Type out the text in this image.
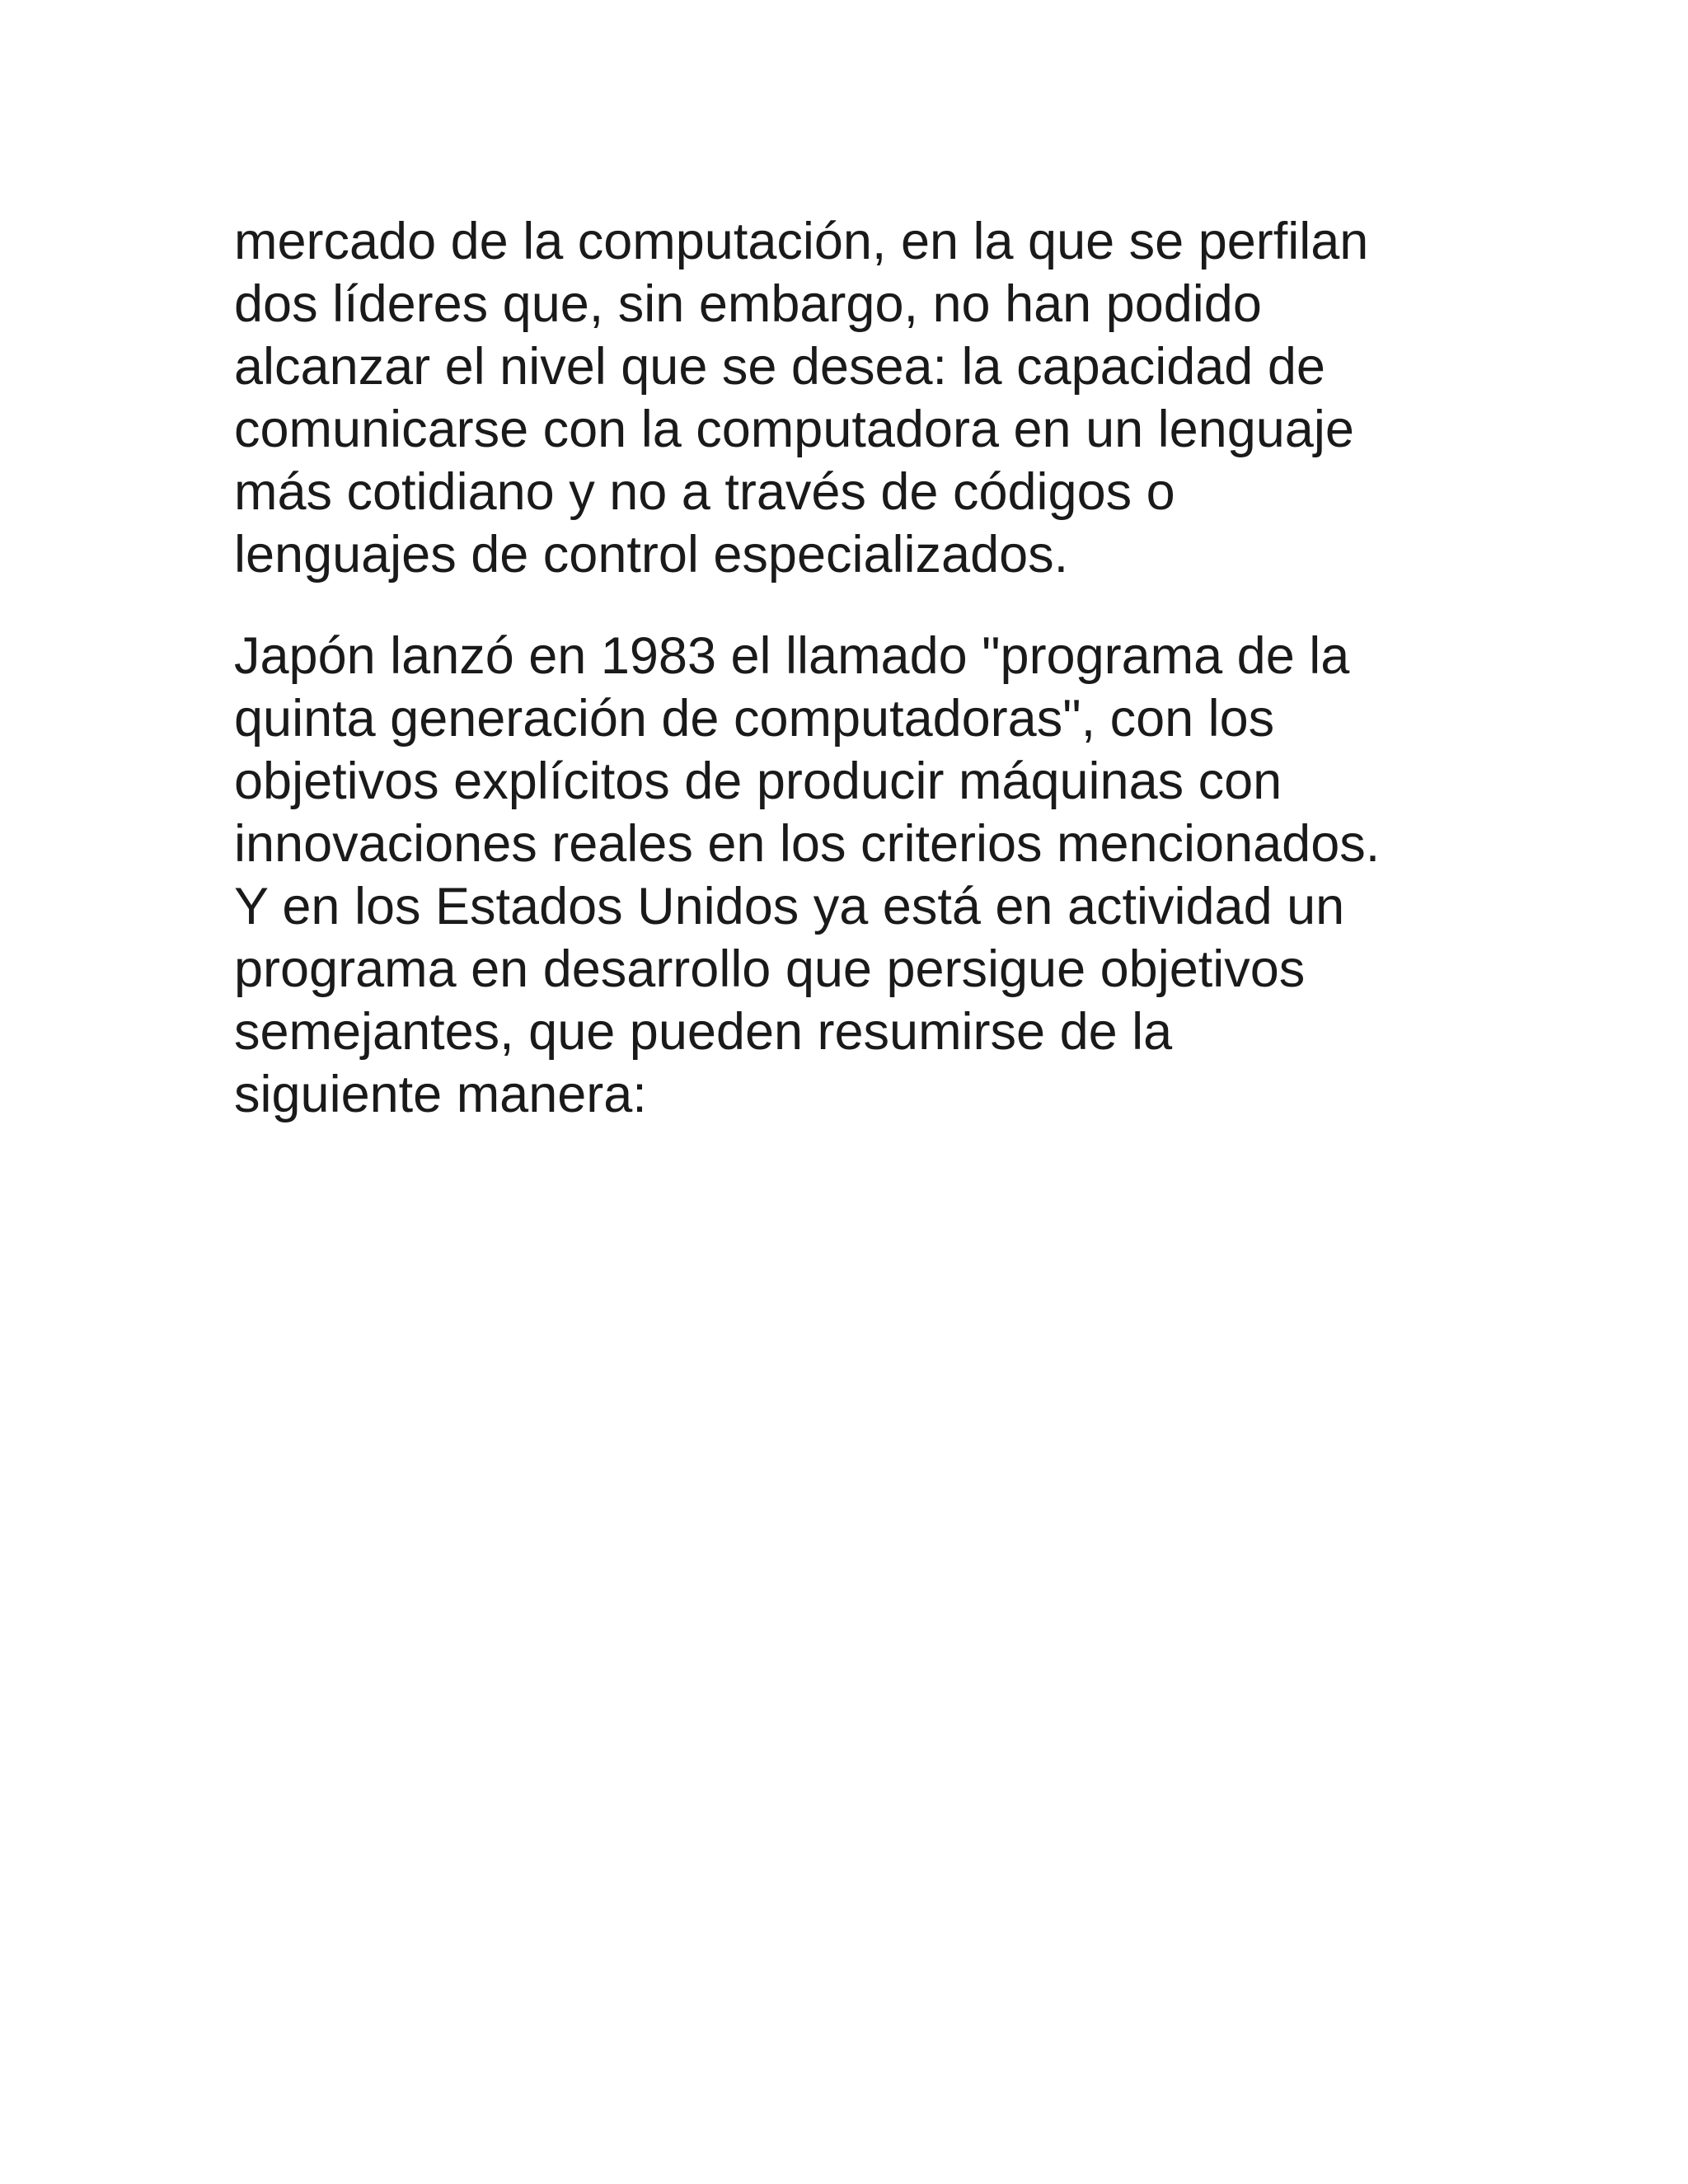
mercado de la computación, en la que se perfilan
dos líderes que, sin embargo, no han podido
alcanzar el nivel que se desea: la capacidad de
comunicarse con la computadora en un lenguaje
más cotidiano y no a través de códigos o
lenguajes de control especializados.
Japón lanzó en 1983 el llamado "programa de la
quinta generación de computadoras", con los
objetivos explícitos de producir máquinas con
innovaciones reales en los criterios mencionados.
Y en los Estados Unidos ya está en actividad un
programa en desarrollo que persigue objetivos
semejantes, que pueden resumirse de la
siguiente manera:
